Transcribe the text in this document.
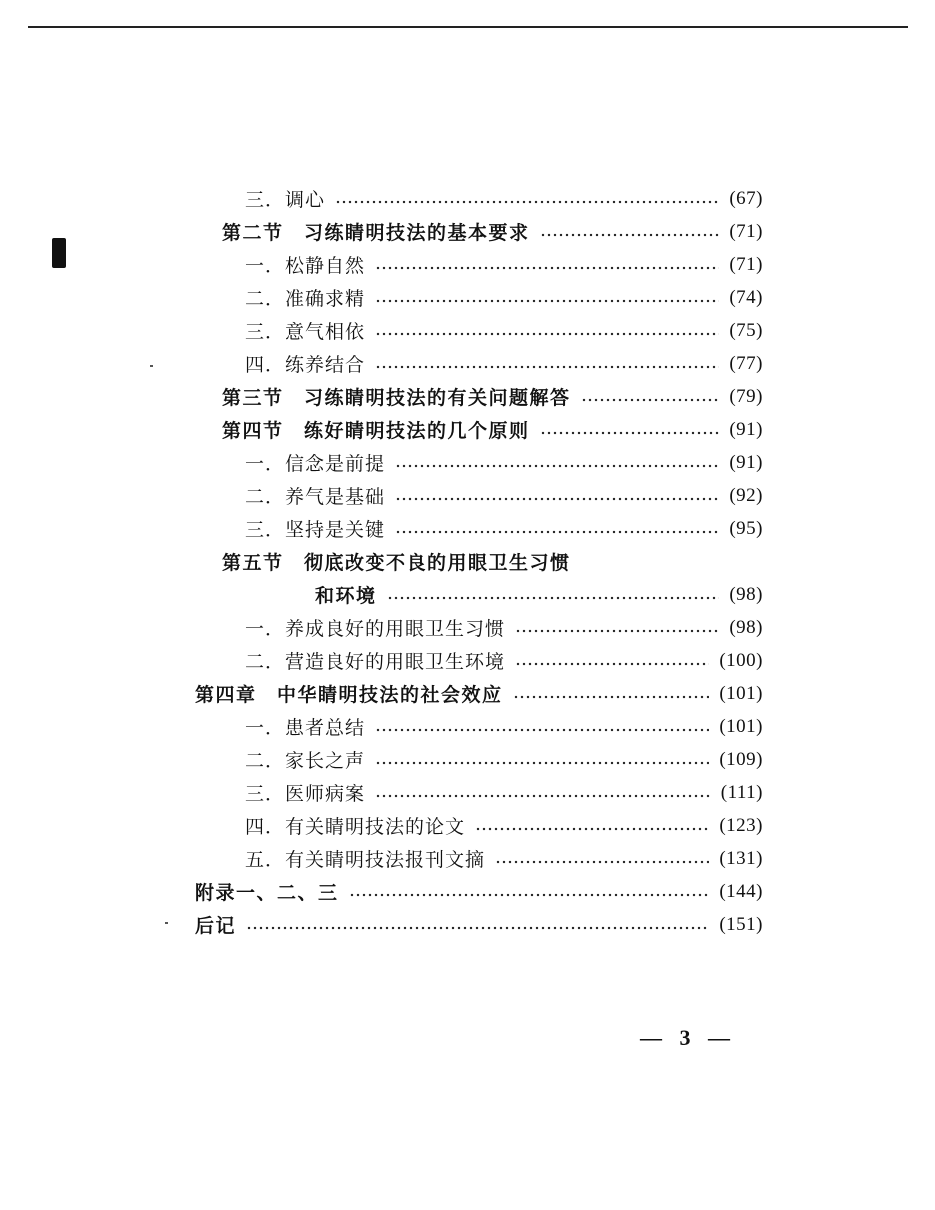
三．调心	(67)
第二节　习练睛明技法的基本要求	(71)
一．松静自然	(71)
二．准确求精	(74)
三．意气相依	(75)
四．练养结合	(77)
第三节　习练睛明技法的有关问题解答	(79)
第四节　练好睛明技法的几个原则	(91)
一．信念是前提	(91)
二．养气是基础	(92)
三．坚持是关键	(95)
第五节　彻底改变不良的用眼卫生习惯
和环境	(98)
一．养成良好的用眼卫生习惯	(98)
二．营造良好的用眼卫生环境	(100)
第四章　中华睛明技法的社会效应	(101)
一．患者总结	(101)
二．家长之声	(109)
三．医师病案	(111)
四．有关睛明技法的论文	(123)
五．有关睛明技法报刊文摘	(131)
附录一、二、三	(144)
后记	(151)
— 3 —
